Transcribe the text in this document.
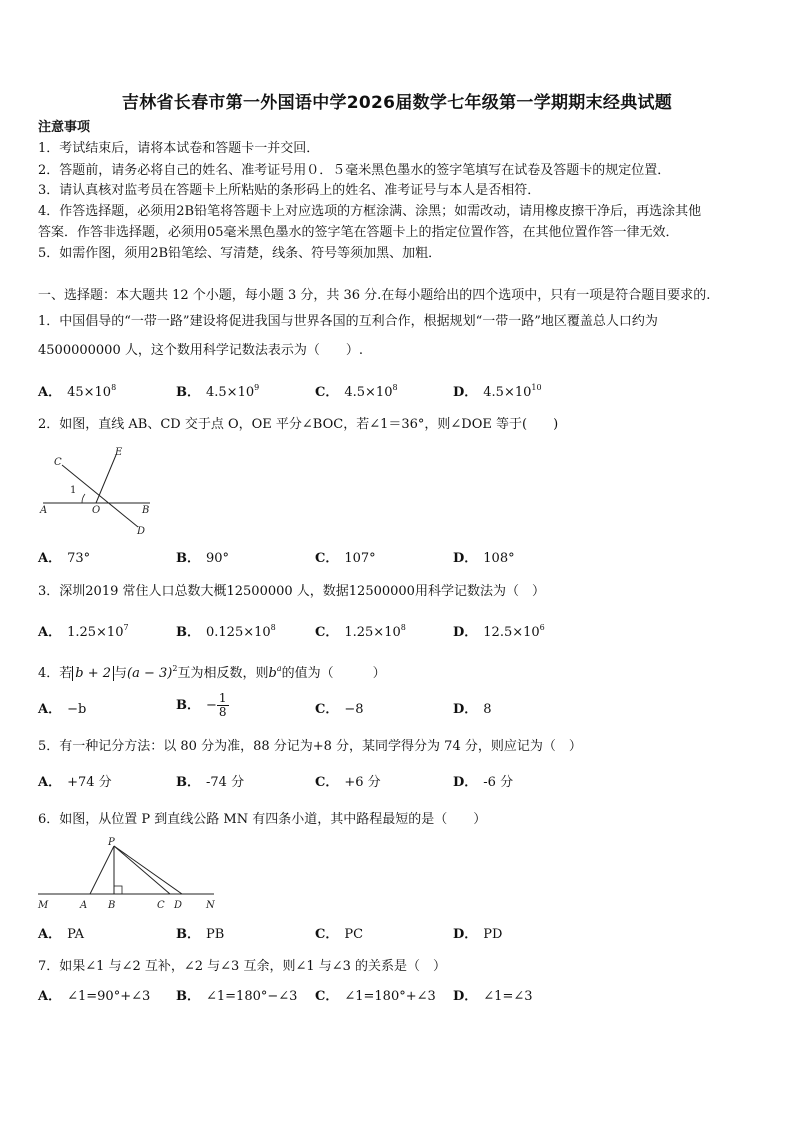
吉林省长春市第一外国语中学2026届数学七年级第一学期期末经典试题
注意事项
1．考试结束后，请将本试卷和答题卡一并交回．
2．答题前，请务必将自己的姓名、准考证号用０．５毫米黑色墨水的签字笔填写在试卷及答题卡的规定位置．
3．请认真核对监考员在答题卡上所粘贴的条形码上的姓名、准考证号与本人是否相符．
4．作答选择题，必须用2B铅笔将答题卡上对应选项的方框涂满、涂黑；如需改动，请用橡皮擦干净后，再选涂其他
答案．作答非选择题，必须用05毫米黑色墨水的签字笔在答题卡上的指定位置作答，在其他位置作答一律无效．
5．如需作图，须用2B铅笔绘、写清楚，线条、符号等须加黑、加粗．
一、选择题：本大题共 12 个小题，每小题 3 分，共 36 分.在每小题给出的四个选项中，只有一项是符合题目要求的.
1．中国倡导的“一带一路”建设将促进我国与世界各国的互利合作，根据规划“一带一路”地区覆盖总人口约为
4500000000 人，这个数用科学记数法表示为（　　）.
A． $45\times 10^8$	B． $4.5\times 10^9$	C． $4.5\times 10^8$	D． $4.5\times 10^{10}$
2．如图，直线 AB、CD 交于点 O，OE 平分∠BOC，若∠1＝36°，则∠DOE 等于(　　)
C
E
1
A	O	B
D
A． 73°	B． 90°	C． 107°	D． 108°
3．深圳2019 常住人口总数大概12500000 人，数据12500000用科学记数法为（　）
A． $1.25\times 10^7$	B． $0.125\times 10^8$	C． $1.25\times 10^8$	D． $12.5\times 10^6$
4．若 b + 2 与$(a - 3)^2$互为相反数，则$b^a$的值为（　　　）
A． −b	B． − $\frac{1}{8}$	C． −8	D． 8
5．有一种记分方法：以 80 分为准，88 分记为+8 分，某同学得分为 74 分，则应记为（　）
A． +74 分	B． -74 分	C． +6 分	D． -6 分
6．如图，从位置 P 到直线公路 MN 有四条小道，其中路程最短的是（　　）
P
M	A B	C D N
A． PA	B． PB	C． PC	D． PD
7．如果∠1 与∠2 互补，∠2 与∠3 互余，则∠1 与∠3 的关系是（　）
A． ∠1=90°+∠3 B． ∠1=180°−∠3 C． ∠1=180°+∠3 D． ∠1=∠3
